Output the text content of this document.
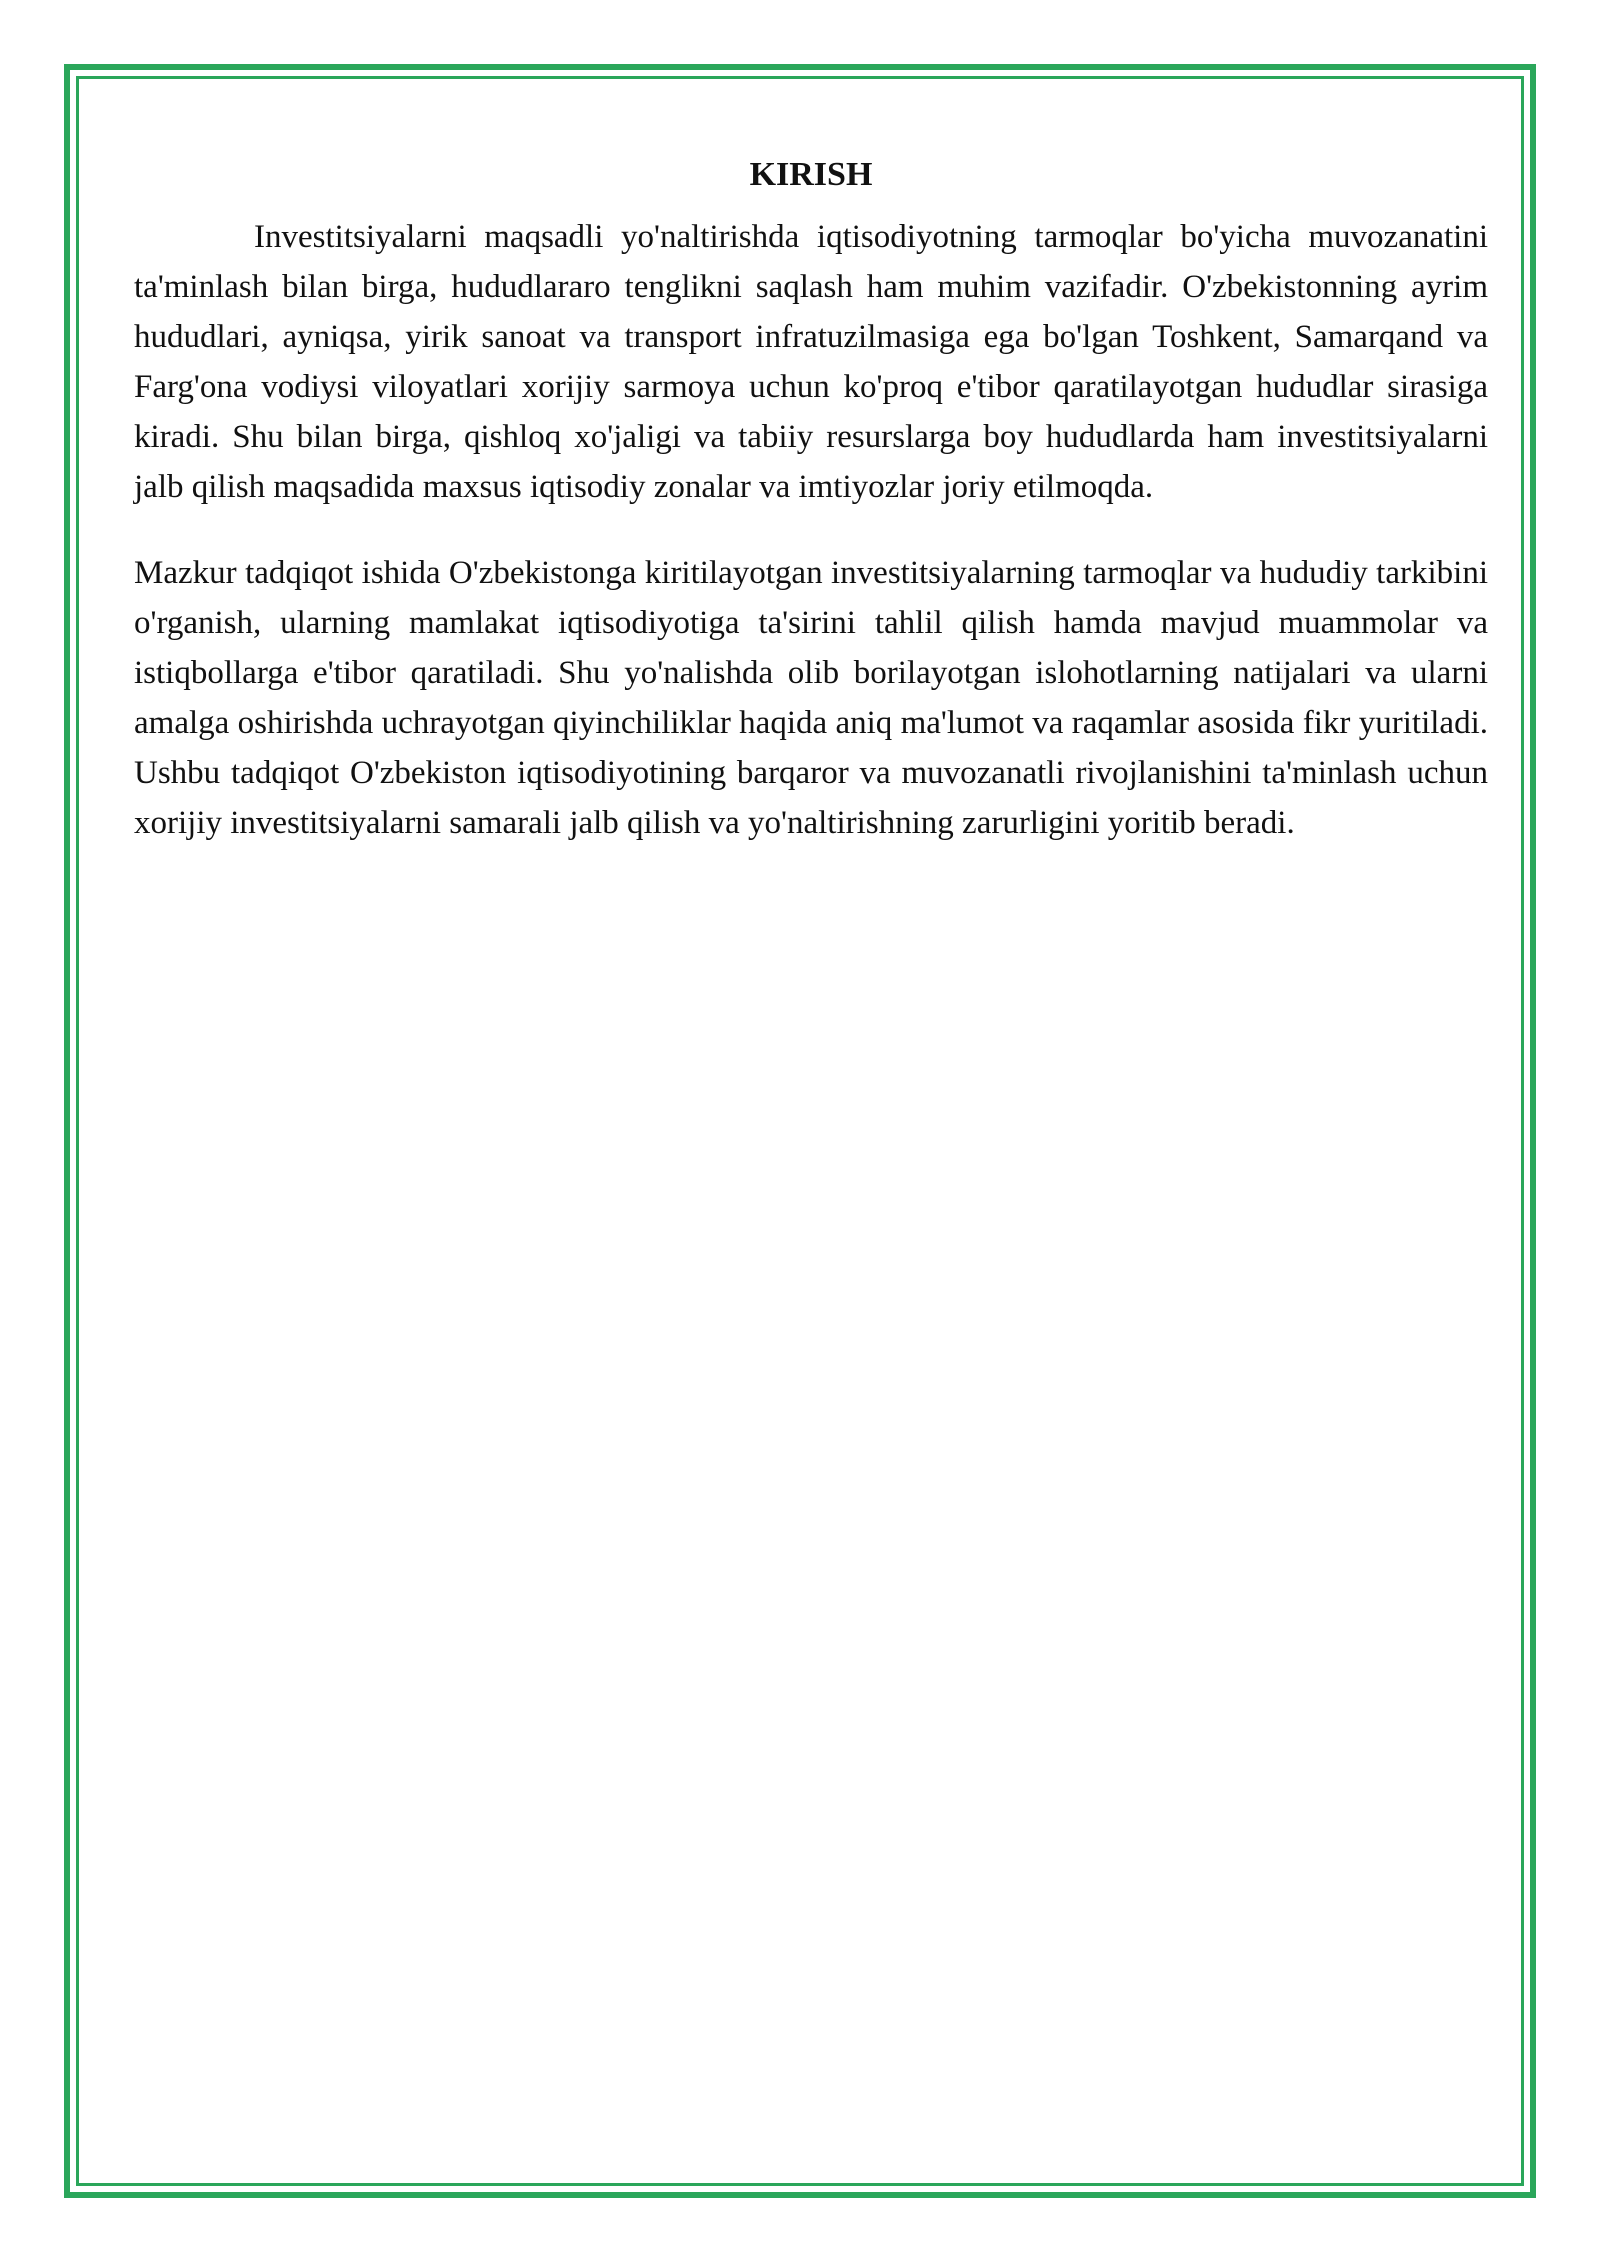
KIRISH

Investitsiyalarni maqsadli yo'naltirishda iqtisodiyotning tarmoqlar bo'yicha muvozanatini ta'minlash bilan birga, hududlararo tenglikni saqlash ham muhim vazifadir. O'zbekistonning ayrim hududlari, ayniqsa, yirik sanoat va transport infratuzilmasiga ega bo'lgan Toshkent, Samarqand va Farg'ona vodiysi viloyatlari xorijiy sarmoya uchun ko'proq e'tibor qaratilayotgan hududlar sirasiga kiradi. Shu bilan birga, qishloq xo'jaligi va tabiiy resurslarga boy hududlarda ham investitsiyalarni jalb qilish maqsadida maxsus iqtisodiy zonalar va imtiyozlar joriy etilmoqda.

Mazkur tadqiqot ishida O'zbekistonga kiritilayotgan investitsiyalarning tarmoqlar va hududiy tarkibini o'rganish, ularning mamlakat iqtisodiyotiga ta'sirini tahlil qilish hamda mavjud muammolar va istiqbollarga e'tibor qaratiladi. Shu yo'nalishda olib borilayotgan islohotlarning natijalari va ularni amalga oshirishda uchrayotgan qiyinchiliklar haqida aniq ma'lumot va raqamlar asosida fikr yuritiladi. Ushbu tadqiqot O'zbekiston iqtisodiyotining barqaror va muvozanatli rivojlanishini ta'minlash uchun xorijiy investitsiyalarni samarali jalb qilish va yo'naltirishning zarurligini yoritib beradi.
